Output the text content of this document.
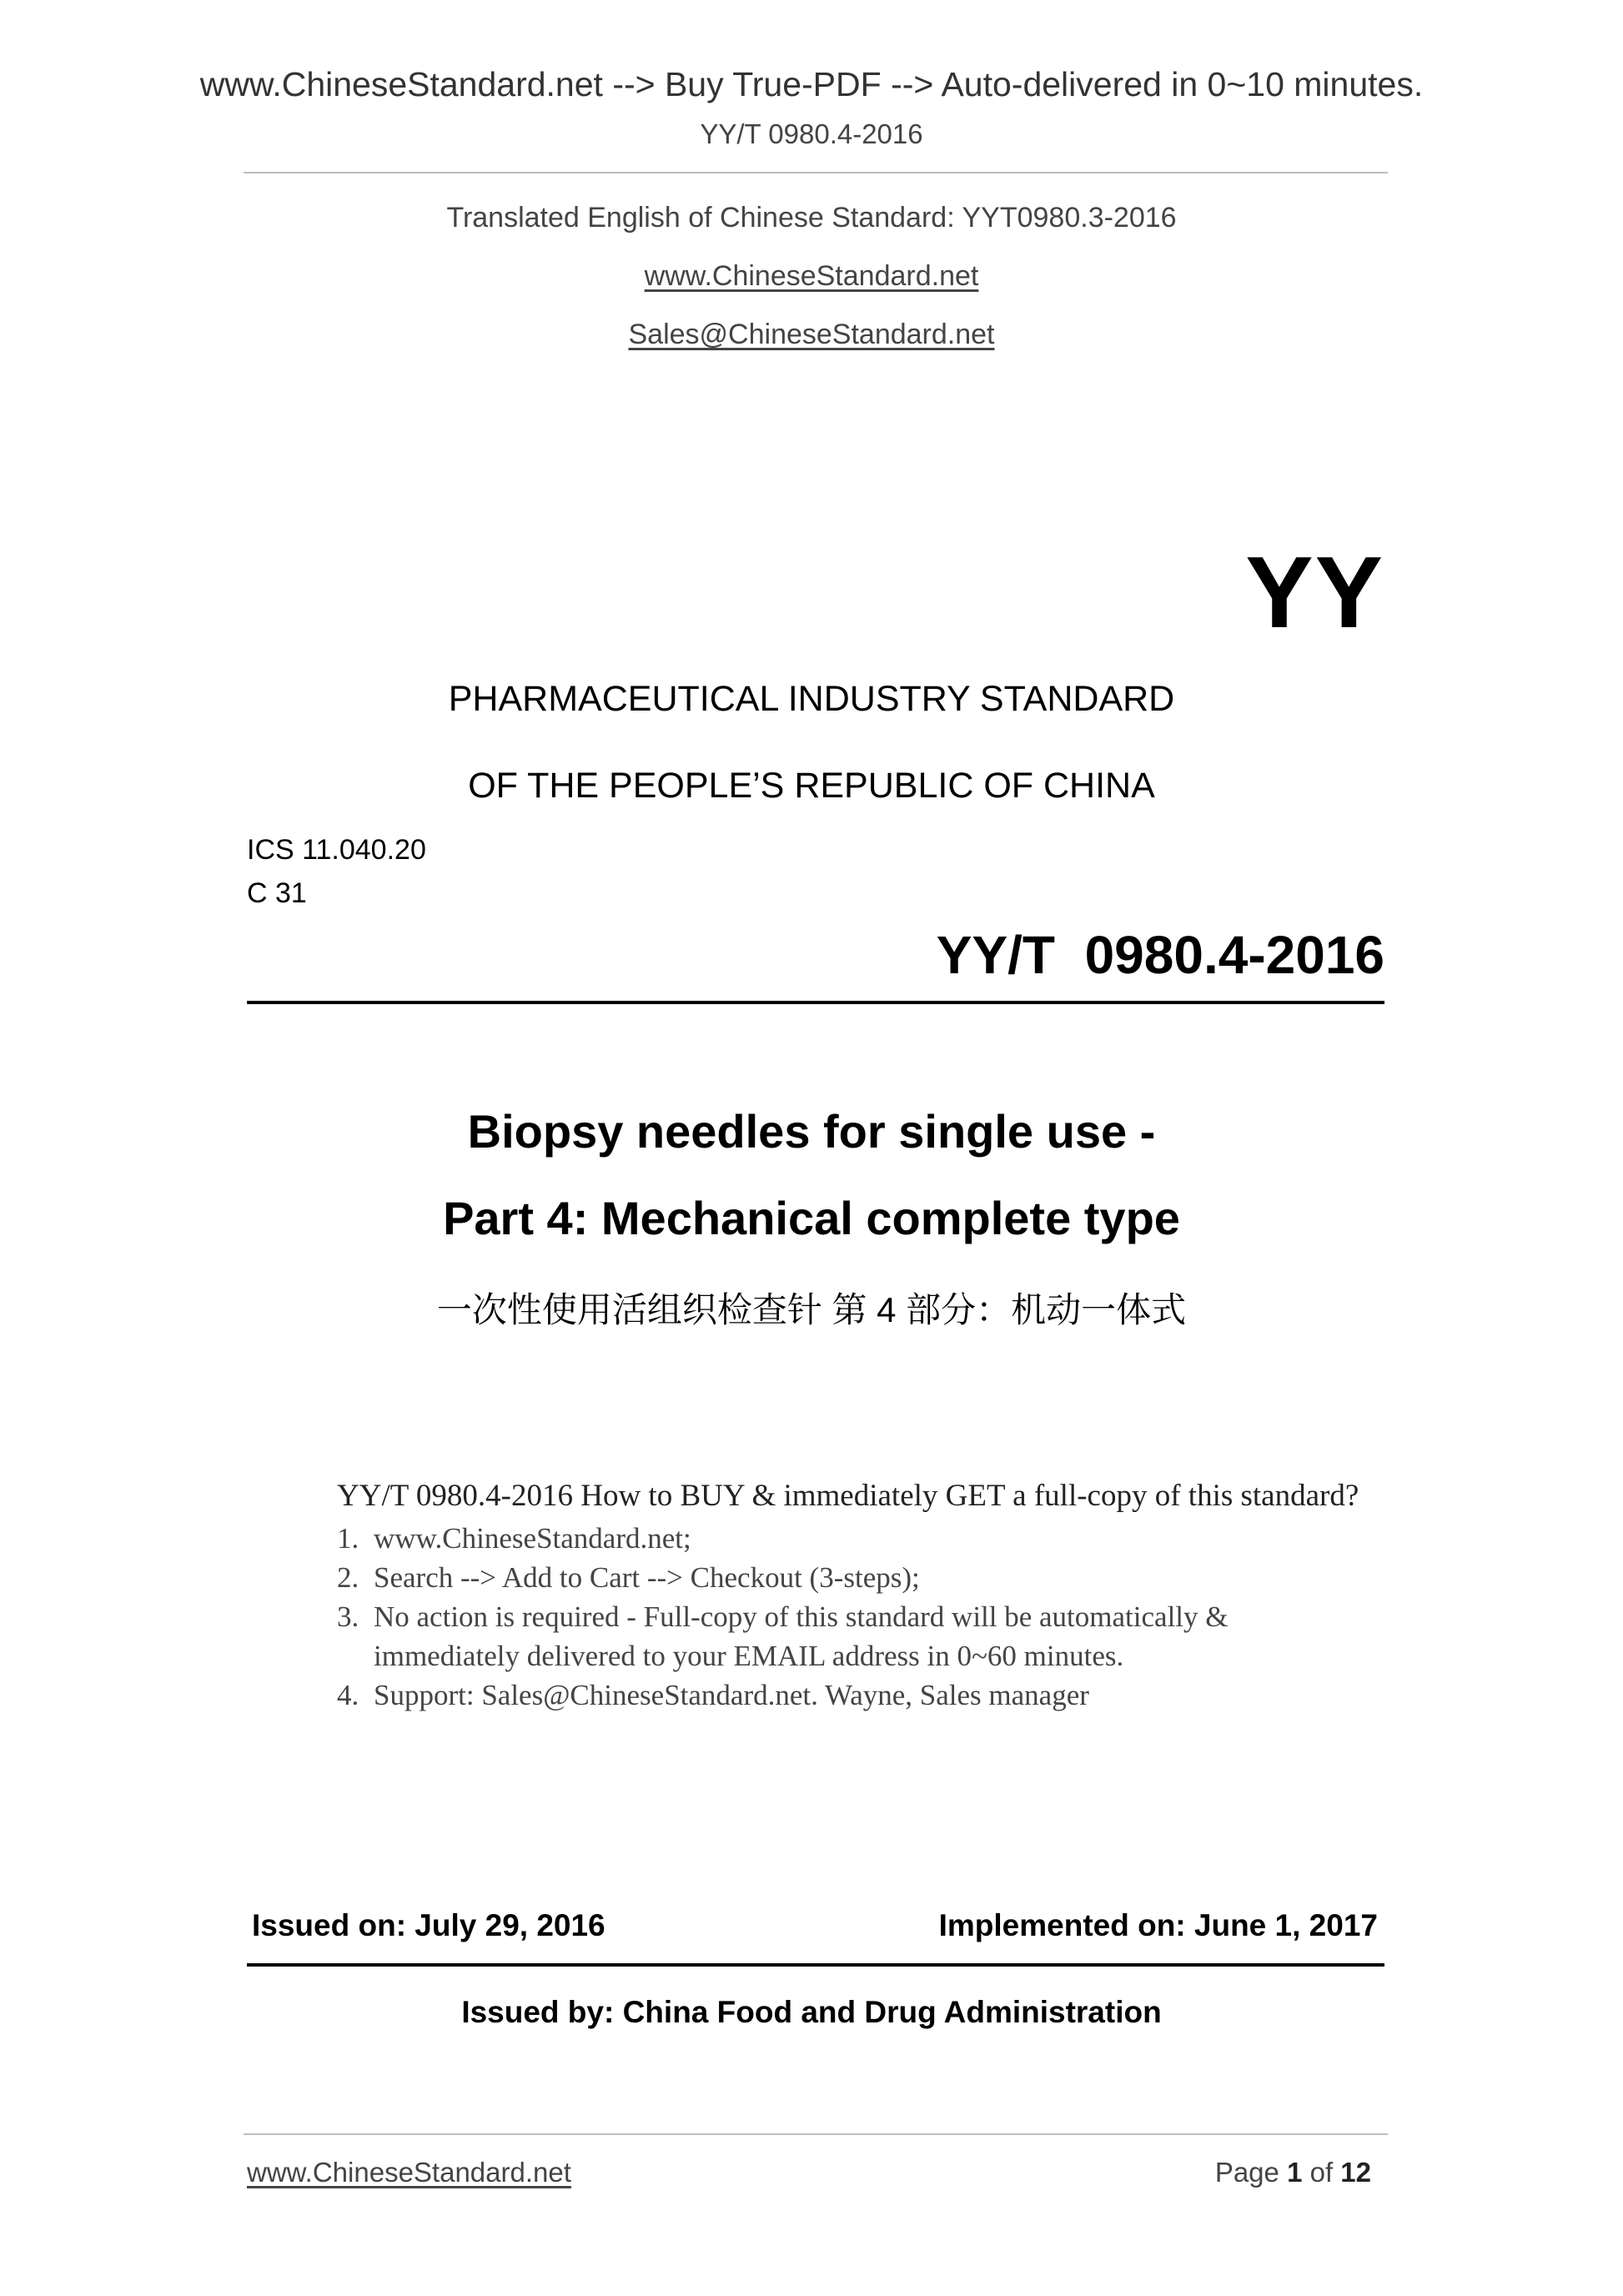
www.ChineseStandard.net --> Buy True-PDF --> Auto-delivered in 0~10 minutes.
YY/T 0980.4-2016
Translated English of Chinese Standard: YYT0980.3-2016
www.ChineseStandard.net
Sales@ChineseStandard.net
YY
PHARMACEUTICAL INDUSTRY STANDARD
OF THE PEOPLE’S REPUBLIC OF CHINA
ICS 11.040.20
C 31
YY/T  0980.4-2016
Biopsy needles for single use -
Part 4: Mechanical complete type
一次性使用活组织检查针 第 4 部分：机动一体式
YY/T 0980.4-2016 How to BUY & immediately GET a full-copy of this standard?
1. www.ChineseStandard.net;
2. Search --> Add to Cart --> Checkout (3-steps);
3. No action is required - Full-copy of this standard will be automatically &
immediately delivered to your EMAIL address in 0~60 minutes.
4. Support: Sales@ChineseStandard.net. Wayne, Sales manager
Issued on: July 29, 2016	Implemented on: June 1, 2017
Issued by: China Food and Drug Administration
www.ChineseStandard.net	Page 1 of 12
